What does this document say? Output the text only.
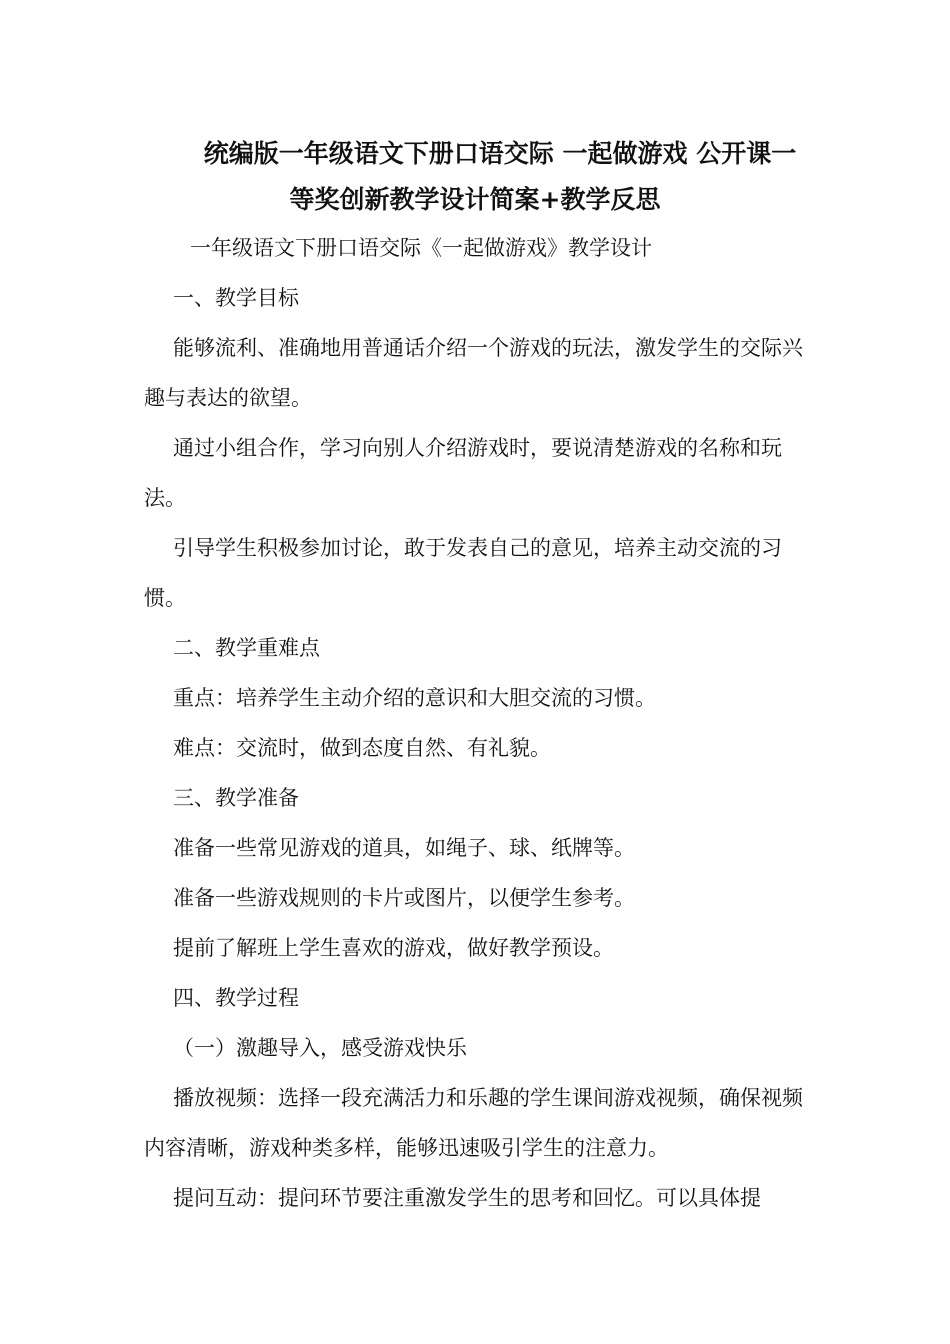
统编版一年级语文下册口语交际 一起做游戏 公开课一
等奖创新教学设计简案+教学反思

一年级语文下册口语交际《一起做游戏》教学设计

一、教学目标

能够流利、准确地用普通话介绍一个游戏的玩法，激发学生的交际兴趣与表达的欲望。

通过小组合作，学习向别人介绍游戏时，要说清楚游戏的名称和玩法。

引导学生积极参加讨论，敢于发表自己的意见，培养主动交流的习惯。

二、教学重难点

重点：培养学生主动介绍的意识和大胆交流的习惯。

难点：交流时，做到态度自然、有礼貌。

三、教学准备

准备一些常见游戏的道具，如绳子、球、纸牌等。

准备一些游戏规则的卡片或图片，以便学生参考。

提前了解班上学生喜欢的游戏，做好教学预设。

四、教学过程

（一）激趣导入，感受游戏快乐

播放视频：选择一段充满活力和乐趣的学生课间游戏视频，确保视频内容清晰，游戏种类多样，能够迅速吸引学生的注意力。

提问互动：提问环节要注重激发学生的思考和回忆。可以具体提
